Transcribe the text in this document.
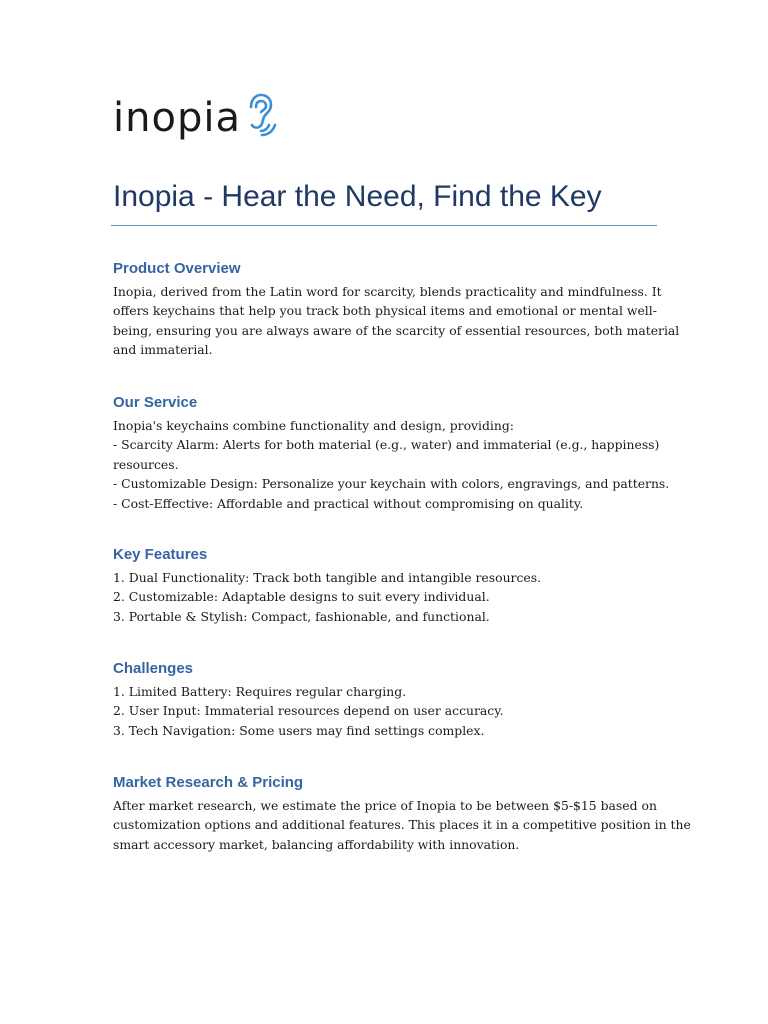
inopia
Inopia - Hear the Need, Find the Key
Product Overview
Inopia, derived from the Latin word for scarcity, blends practicality and mindfulness. It
offers keychains that help you track both physical items and emotional or mental well-
being, ensuring you are always aware of the scarcity of essential resources, both material
and immaterial.
Our Service
Inopia's keychains combine functionality and design, providing:
- Scarcity Alarm: Alerts for both material (e.g., water) and immaterial (e.g., happiness)
resources.
- Customizable Design: Personalize your keychain with colors, engravings, and patterns.
- Cost-Effective: Affordable and practical without compromising on quality.
Key Features
1. Dual Functionality: Track both tangible and intangible resources.
2. Customizable: Adaptable designs to suit every individual.
3. Portable & Stylish: Compact, fashionable, and functional.
Challenges
1. Limited Battery: Requires regular charging.
2. User Input: Immaterial resources depend on user accuracy.
3. Tech Navigation: Some users may find settings complex.
Market Research & Pricing
After market research, we estimate the price of Inopia to be between $5-$15 based on
customization options and additional features. This places it in a competitive position in the
smart accessory market, balancing affordability with innovation.
